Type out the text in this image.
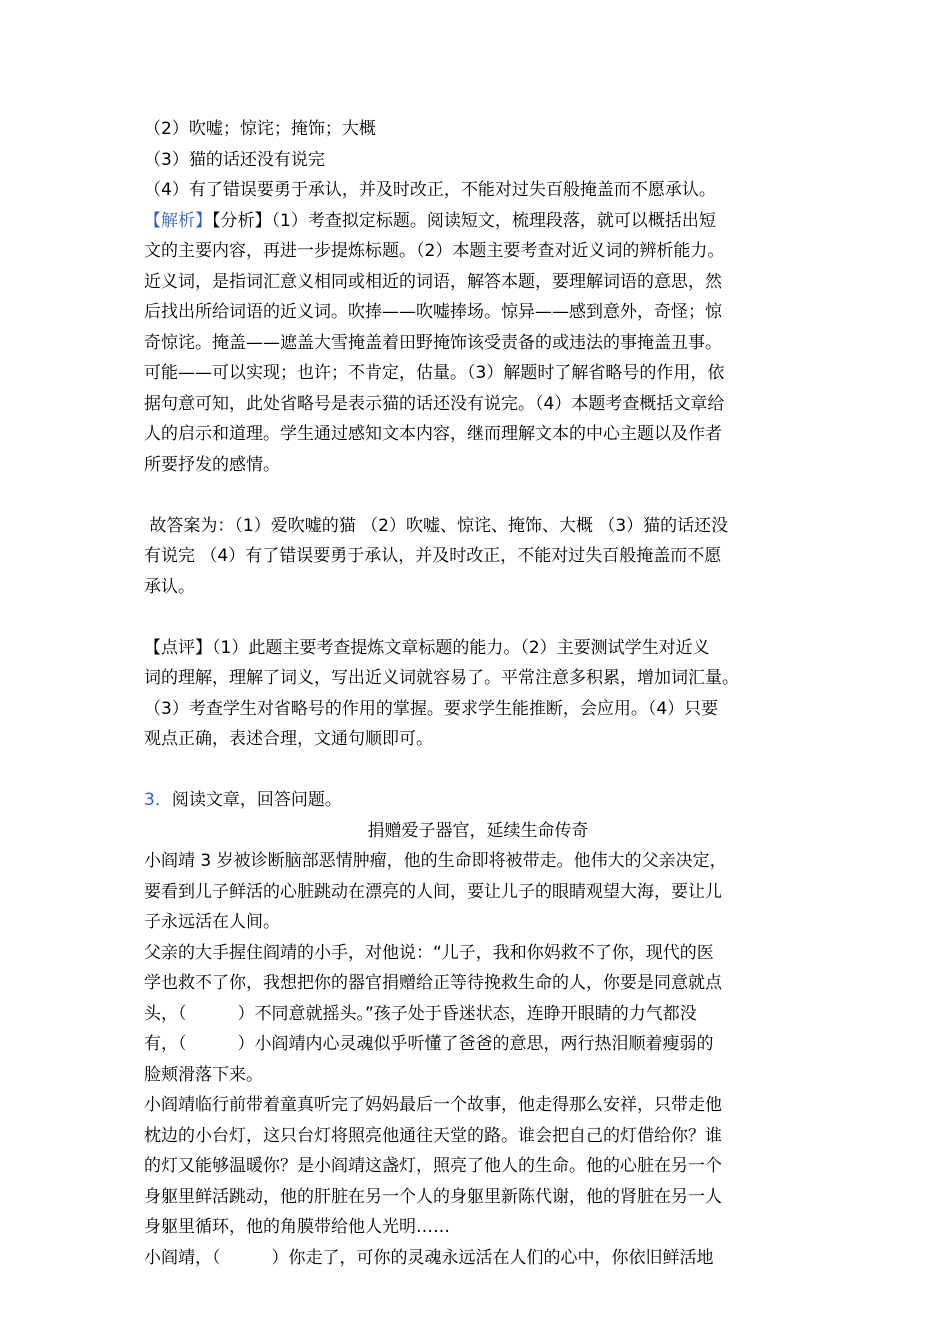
（2）吹嘘；惊诧；掩饰；大概
（3）猫的话还没有说完
（4）有了错误要勇于承认，并及时改正，不能对过失百般掩盖而不愿承认。
【解析】【分析】（1）考查拟定标题。阅读短文，梳理段落，就可以概括出短
文的主要内容，再进一步提炼标题。（2）本题主要考查对近义词的辨析能力。
近义词，是指词汇意义相同或相近的词语，解答本题，要理解词语的意思，然
后找出所给词语的近义词。吹捧——吹嘘捧场。惊异——感到意外，奇怪；惊
奇惊诧。掩盖——遮盖大雪掩盖着田野掩饰该受责备的或违法的事掩盖丑事。
可能——可以实现；也许；不肯定，估量。（3）解题时了解省略号的作用，依
据句意可知，此处省略号是表示猫的话还没有说完。（4）本题考查概括文章给
人的启示和道理。学生通过感知文本内容，继而理解文本的中心主题以及作者
所要抒发的感情。
故答案为：（1）爱吹嘘的猫 （2）吹嘘、惊诧、掩饰、大概 （3）猫的话还没
有说完 （4）有了错误要勇于承认，并及时改正，不能对过失百般掩盖而不愿
承认。
【点评】（1）此题主要考查提炼文章标题的能力。（2）主要测试学生对近义
词的理解，理解了词义，写出近义词就容易了。平常注意多积累，增加词汇量。
（3）考查学生对省略号的作用的掌握。要求学生能推断，会应用。（4）只要
观点正确，表述合理，文通句顺即可。
3．阅读文章，回答问题。
捐赠爱子器官，延续生命传奇
小阎靖 3 岁被诊断脑部恶情肿瘤，他的生命即将被带走。他伟大的父亲决定，
要看到儿子鲜活的心脏跳动在漂亮的人间，要让儿子的眼睛观望大海，要让儿
子永远活在人间。
父亲的大手握住阎靖的小手，对他说：“儿子，我和你妈救不了你，现代的医
学也救不了你，我想把你的器官捐赠给正等待挽救生命的人，你要是同意就点
头，（　　　）不同意就摇头。”孩子处于昏迷状态，连睁开眼睛的力气都没
有，（　　　）小阎靖内心灵魂似乎听懂了爸爸的意思，两行热泪顺着瘦弱的
脸颊滑落下来。
小阎靖临行前带着童真听完了妈妈最后一个故事，他走得那么安祥，只带走他
枕边的小台灯，这只台灯将照亮他通往天堂的路。谁会把自己的灯借给你？谁
的灯又能够温暖你？是小阎靖这盏灯，照亮了他人的生命。他的心脏在另一个
身躯里鲜活跳动，他的肝脏在另一个人的身躯里新陈代谢，他的肾脏在另一人
身躯里循环，他的角膜带给他人光明……
小阎靖，（　　　）你走了，可你的灵魂永远活在人们的心中，你依旧鲜活地
